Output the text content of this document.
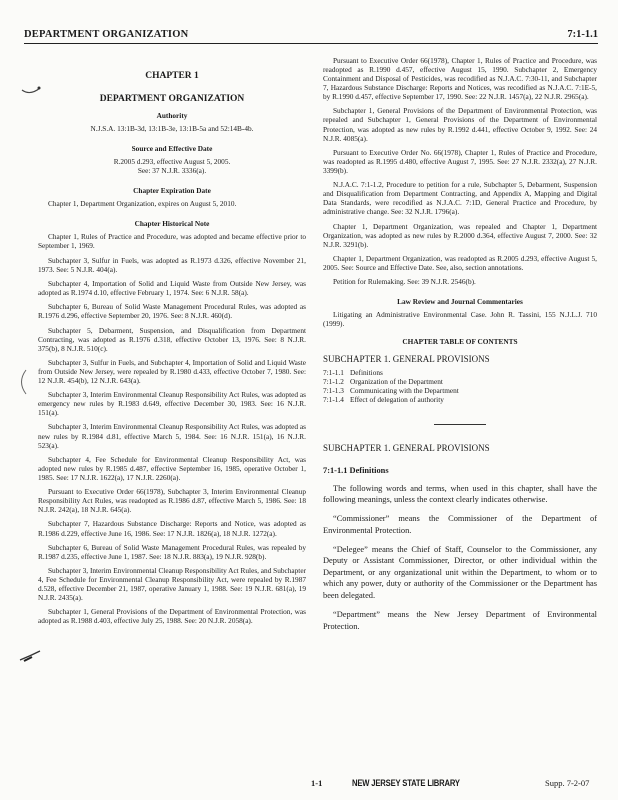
DEPARTMENT ORGANIZATION	7:1-1.1
CHAPTER 1
DEPARTMENT ORGANIZATION
Authority

N.J.S.A. 13:1B-3d, 13:1B-3e, 13:1B-5a and 52:14B-4b.

Source and Effective Date

R.2005 d.293, effective August 5, 2005.

See: 37 N.J.R. 3336(a).

Chapter Expiration Date

Chapter 1, Department Organization, expires on August 5, 2010.

Chapter Historical Note

Chapter 1, Rules of Practice and Procedure, was adopted and became effective prior to September 1, 1969.

Subchapter 3, Sulfur in Fuels, was adopted as R.1973 d.326, effective November 21, 1973. See: 5 N.J.R. 404(a).

Subchapter 4, Importation of Solid and Liquid Waste from Outside New Jersey, was adopted as R.1974 d.10, effective February 1, 1974. See: 6 N.J.R. 58(a).

Subchapter 6, Bureau of Solid Waste Management Procedural Rules, was adopted as R.1976 d.296, effective September 20, 1976. See: 8 N.J.R. 460(d).

Subchapter 5, Debarment, Suspension, and Disqualification from Department Contracting, was adopted as R.1976 d.318, effective October 13, 1976. See: 8 N.J.R. 375(b), 8 N.J.R. 510(c).

Subchapter 3, Sulfur in Fuels, and Subchapter 4, Importation of Solid and Liquid Waste from Outside New Jersey, were repealed by R.1980 d.433, effective October 7, 1980. See: 12 N.J.R. 454(b), 12 N.J.R. 643(a).

Subchapter 3, Interim Environmental Cleanup Responsibility Act Rules, was adopted as emergency new rules by R.1983 d.649, effective December 30, 1983. See: 16 N.J.R. 151(a).

Subchapter 3, Interim Environmental Cleanup Responsibility Act Rules, was adopted as new rules by R.1984 d.81, effective March 5, 1984. See: 16 N.J.R. 151(a), 16 N.J.R. 523(a).

Subchapter 4, Fee Schedule for Environmental Cleanup Responsibility Act, was adopted new rules by R.1985 d.487, effective September 16, 1985, operative October 1, 1985. See: 17 N.J.R. 1622(a), 17 N.J.R. 2260(a).

Pursuant to Executive Order 66(1978), Subchapter 3, Interim Environmental Cleanup Responsibility Act Rules, was readopted as R.1986 d.87, effective March 5, 1986. See: 18 N.J.R. 242(a), 18 N.J.R. 645(a).

Subchapter 7, Hazardous Substance Discharge: Reports and Notice, was adopted as R.1986 d.229, effective June 16, 1986. See: 17 N.J.R. 1826(a), 18 N.J.R. 1272(a).

Subchapter 6, Bureau of Solid Waste Management Procedural Rules, was repealed by R.1987 d.235, effective June 1, 1987. See: 18 N.J.R. 883(a), 19 N.J.R. 928(b).

Subchapter 3, Interim Environmental Cleanup Responsibility Act Rules, and Subchapter 4, Fee Schedule for Environmental Cleanup Responsibility Act, were repealed by R.1987 d.528, effective December 21, 1987, operative January 1, 1988. See: 19 N.J.R. 681(a), 19 N.J.R. 2435(a).

Subchapter 1, General Provisions of the Department of Environmental Protection, was adopted as R.1988 d.403, effective July 25, 1988. See: 20 N.J.R. 2058(a).

Pursuant to Executive Order 66(1978), Chapter 1, Rules of Practice and Procedure, was readopted as R.1990 d.457, effective August 15, 1990. Subchapter 2, Emergency Containment and Disposal of Pesticides, was recodified as N.J.A.C. 7:30-11, and Subchapter 7, Hazardous Substance Discharge: Reports and Notices, was recodified as N.J.A.C. 7:1E-5, by R.1990 d.457, effective September 17, 1990. See: 22 N.J.R. 1457(a), 22 N.J.R. 2965(a).

Subchapter 1, General Provisions of the Department of Environmental Protection, was repealed and Subchapter 1, General Provisions of the Department of Environmental Protection, was adopted as new rules by R.1992 d.441, effective October 9, 1992. See: 24 N.J.R. 4085(a).

Pursuant to Executive Order No. 66(1978), Chapter 1, Rules of Practice and Procedure, was readopted as R.1995 d.480, effective August 7, 1995. See: 27 N.J.R. 2332(a), 27 N.J.R. 3399(b).

N.J.A.C. 7:1-1.2, Procedure to petition for a rule, Subchapter 5, Debarment, Suspension and Disqualification from Department Contracting, and Appendix A, Mapping and Digital Data Standards, were recodified as N.J.A.C. 7:1D, General Practice and Procedure, by administrative change. See: 32 N.J.R. 1796(a).

Chapter 1, Department Organization, was repealed and Chapter 1, Department Organization, was adopted as new rules by R.2000 d.364, effective August 7, 2000. See: 32 N.J.R. 3291(b).

Chapter 1, Department Organization, was readopted as R.2005 d.293, effective August 5, 2005. See: Source and Effective Date. See, also, section annotations.

Petition for Rulemaking. See: 39 N.J.R. 2546(b).

Law Review and Journal Commentaries

Litigating an Administrative Environmental Case. John R. Tassini, 155 N.J.L.J. 710 (1999).

CHAPTER TABLE OF CONTENTS
SUBCHAPTER 1. GENERAL PROVISIONS
7:1-1.1 Definitions
7:1-1.2 Organization of the Department
7:1-1.3 Communicating with the Department
7:1-1.4 Effect of delegation of authority
SUBCHAPTER 1. GENERAL PROVISIONS
7:1-1.1 Definitions

The following words and terms, when used in this chapter, shall have the following meanings, unless the context clearly indicates otherwise.

“Commissioner” means the Commissioner of the Department of Environmental Protection.

“Delegee” means the Chief of Staff, Counselor to the Commissioner, any Deputy or Assistant Commissioner, Director, or other individual within the Department, or any organizational unit within the Department, to whom or to which any power, duty or authority of the Commissioner or the Department has been delegated.

“Department” means the New Jersey Department of Environmental Protection.

1-1	NEW JERSEY STATE LIBRARY	Supp. 7-2-07
